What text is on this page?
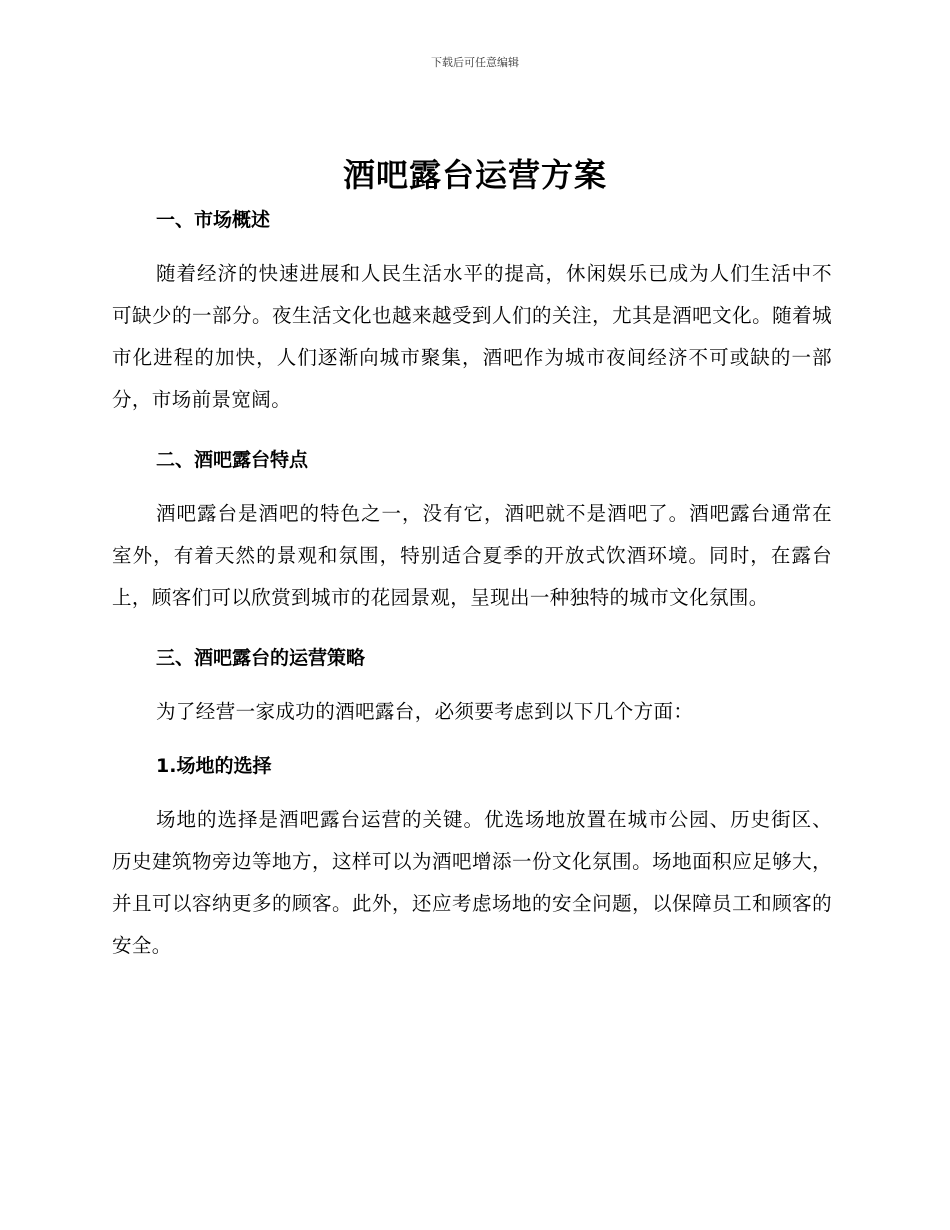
下载后可任意编辑
酒吧露台运营方案
一、市场概述

随着经济的快速进展和人民生活水平的提高，休闲娱乐已成为人们生活中不可缺少的一部分。夜生活文化也越来越受到人们的关注，尤其是酒吧文化。随着城市化进程的加快，人们逐渐向城市聚集，酒吧作为城市夜间经济不可或缺的一部分，市场前景宽阔。

二、酒吧露台特点

酒吧露台是酒吧的特色之一，没有它，酒吧就不是酒吧了。酒吧露台通常在室外，有着天然的景观和氛围，特别适合夏季的开放式饮酒环境。同时，在露台上，顾客们可以欣赏到城市的花园景观，呈现出一种独特的城市文化氛围。

三、酒吧露台的运营策略

为了经营一家成功的酒吧露台，必须要考虑到以下几个方面：

1.场地的选择

场地的选择是酒吧露台运营的关键。优选场地放置在城市公园、历史街区、历史建筑物旁边等地方，这样可以为酒吧增添一份文化氛围。场地面积应足够大，并且可以容纳更多的顾客。此外，还应考虑场地的安全问题，以保障员工和顾客的安全。
